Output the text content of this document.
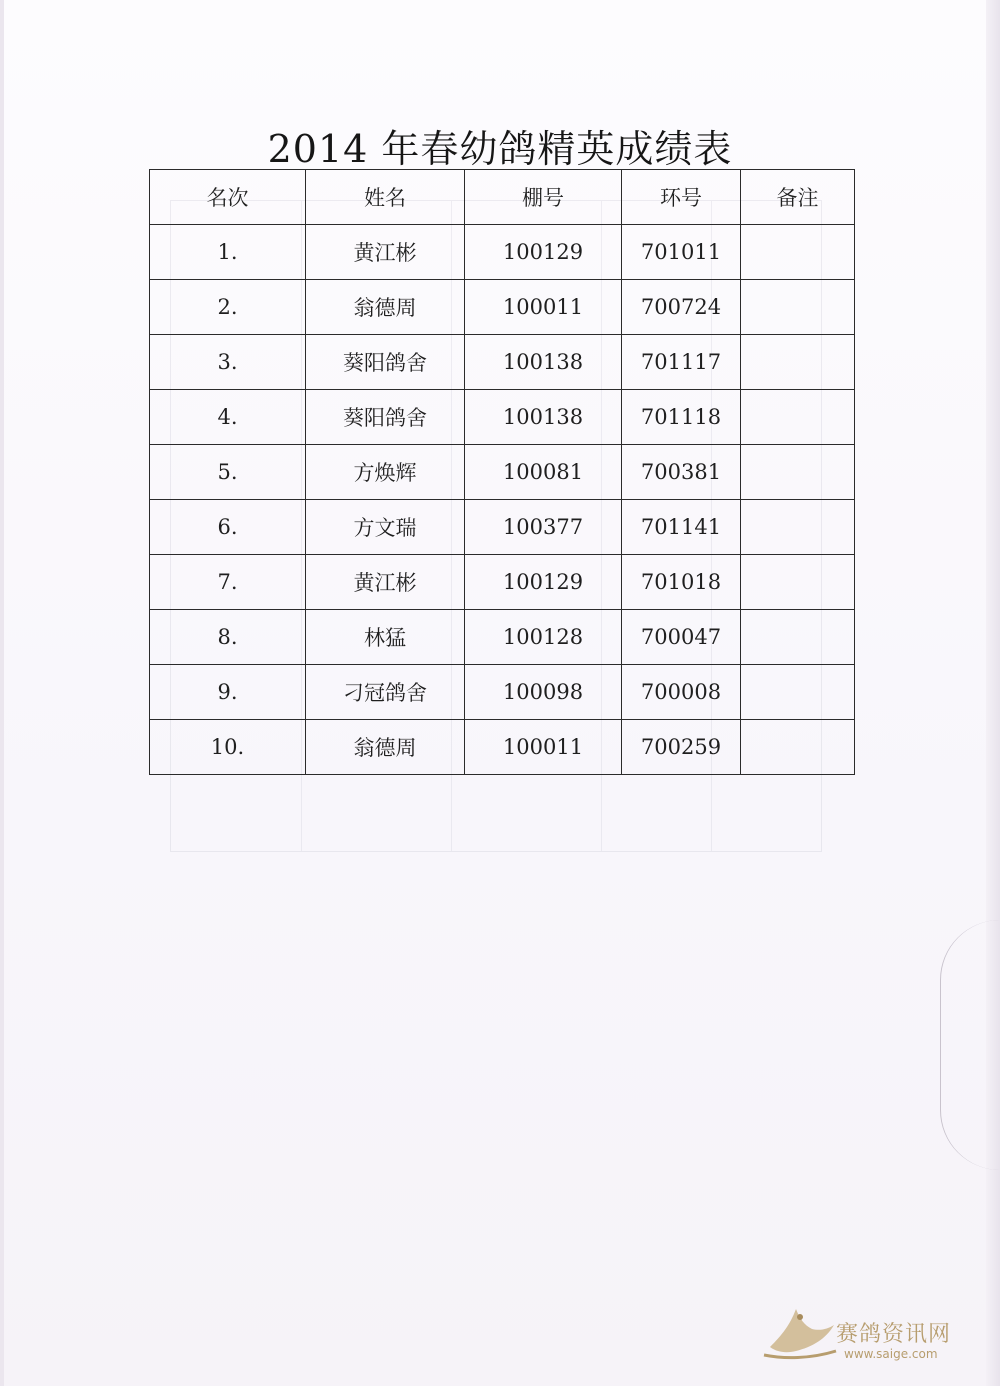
2014 年春幼鸽精英成绩表
名次	姓名	棚号	环号	备注
1.	黄江彬	100129	701011	
2.	翁德周	100011	700724	
3.	葵阳鸽舍	100138	701117	
4.	葵阳鸽舍	100138	701118	
5.	方焕辉	100081	700381	
6.	方文瑞	100377	701141	
7.	黄江彬	100129	701018	
8.	林猛	100128	700047	
9.	刁冠鸽舍	100098	700008	
10.	翁德周	100011	700259	
赛鸽资讯网
www.saige.com
